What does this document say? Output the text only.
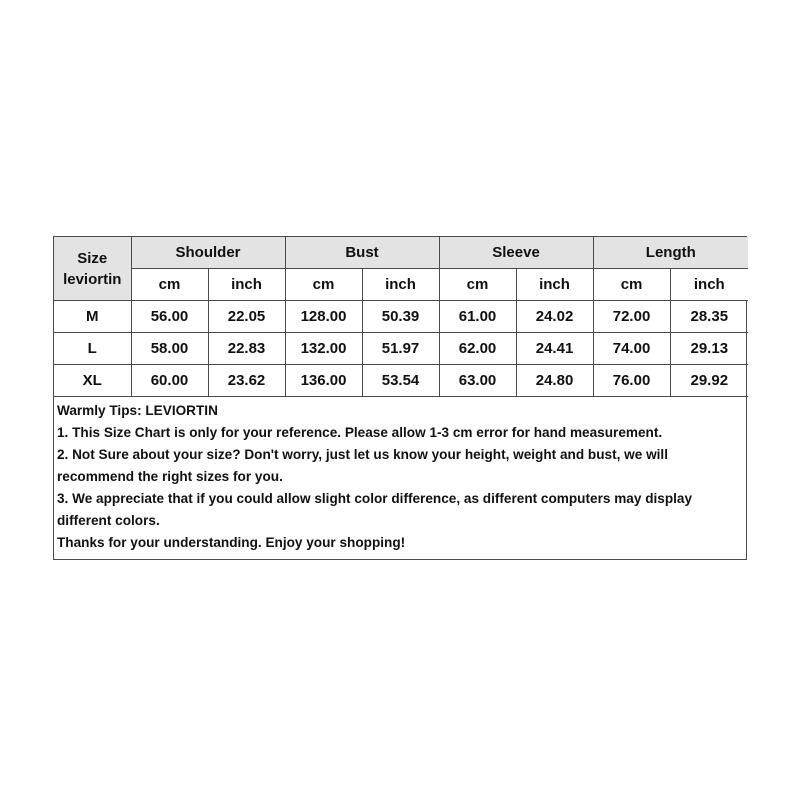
Size
leviortin	Shoulder		Bust		Sleeve		Length	
	cm	inch	cm	inch	cm	inch	cm	inch
M	56.00	22.05	128.00	50.39	61.00	24.02	72.00	28.35
L	58.00	22.83	132.00	51.97	62.00	24.41	74.00	29.13
XL	60.00	23.62	136.00	53.54	63.00	24.80	76.00	29.92
Warmly Tips: LEVIORTIN
1. This Size Chart is only for your reference. Please allow 1-3 cm error for hand measurement.
2. Not Sure about your size? Don't worry, just let us know your height, weight and bust, we will recommend the right sizes for you.
3. We appreciate that if you could allow slight color difference, as different computers may display different colors.
Thanks for your understanding. Enjoy your shopping!
